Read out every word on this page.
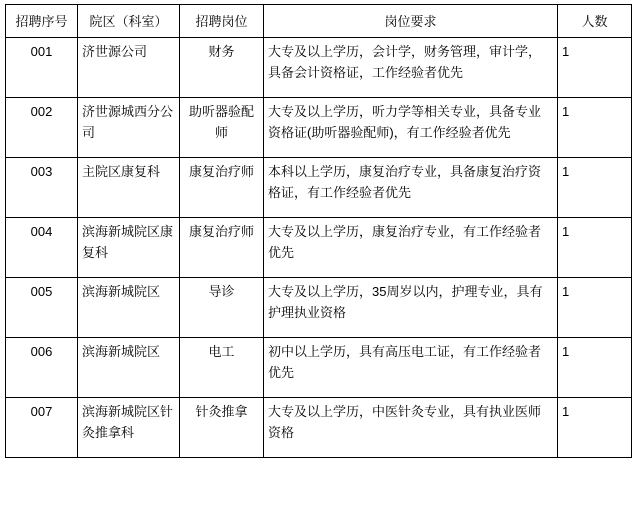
招聘序号	院区（科室）	招聘岗位	岗位要求	人数
001	济世源公司	财务	大专及以上学历，会计学，财务管理，审计学，具备会计资格证，工作经验者优先	1
002	济世源城西分公司	助听器验配师	大专及以上学历，听力学等相关专业，具备专业资格证(助听器验配师)，有工作经验者优先	1
003	主院区康复科	康复治疗师	本科以上学历，康复治疗专业，具备康复治疗资格证，有工作经验者优先	1
004	滨海新城院区康复科	康复治疗师	大专及以上学历，康复治疗专业，有工作经验者优先	1
005	滨海新城院区	导诊	大专及以上学历，35周岁以内，护理专业，具有护理执业资格	1
006	滨海新城院区	电工	初中以上学历，具有高压电工证，有工作经验者优先	1
007	滨海新城院区针灸推拿科	针灸推拿	大专及以上学历，中医针灸专业，具有执业医师资格	1
